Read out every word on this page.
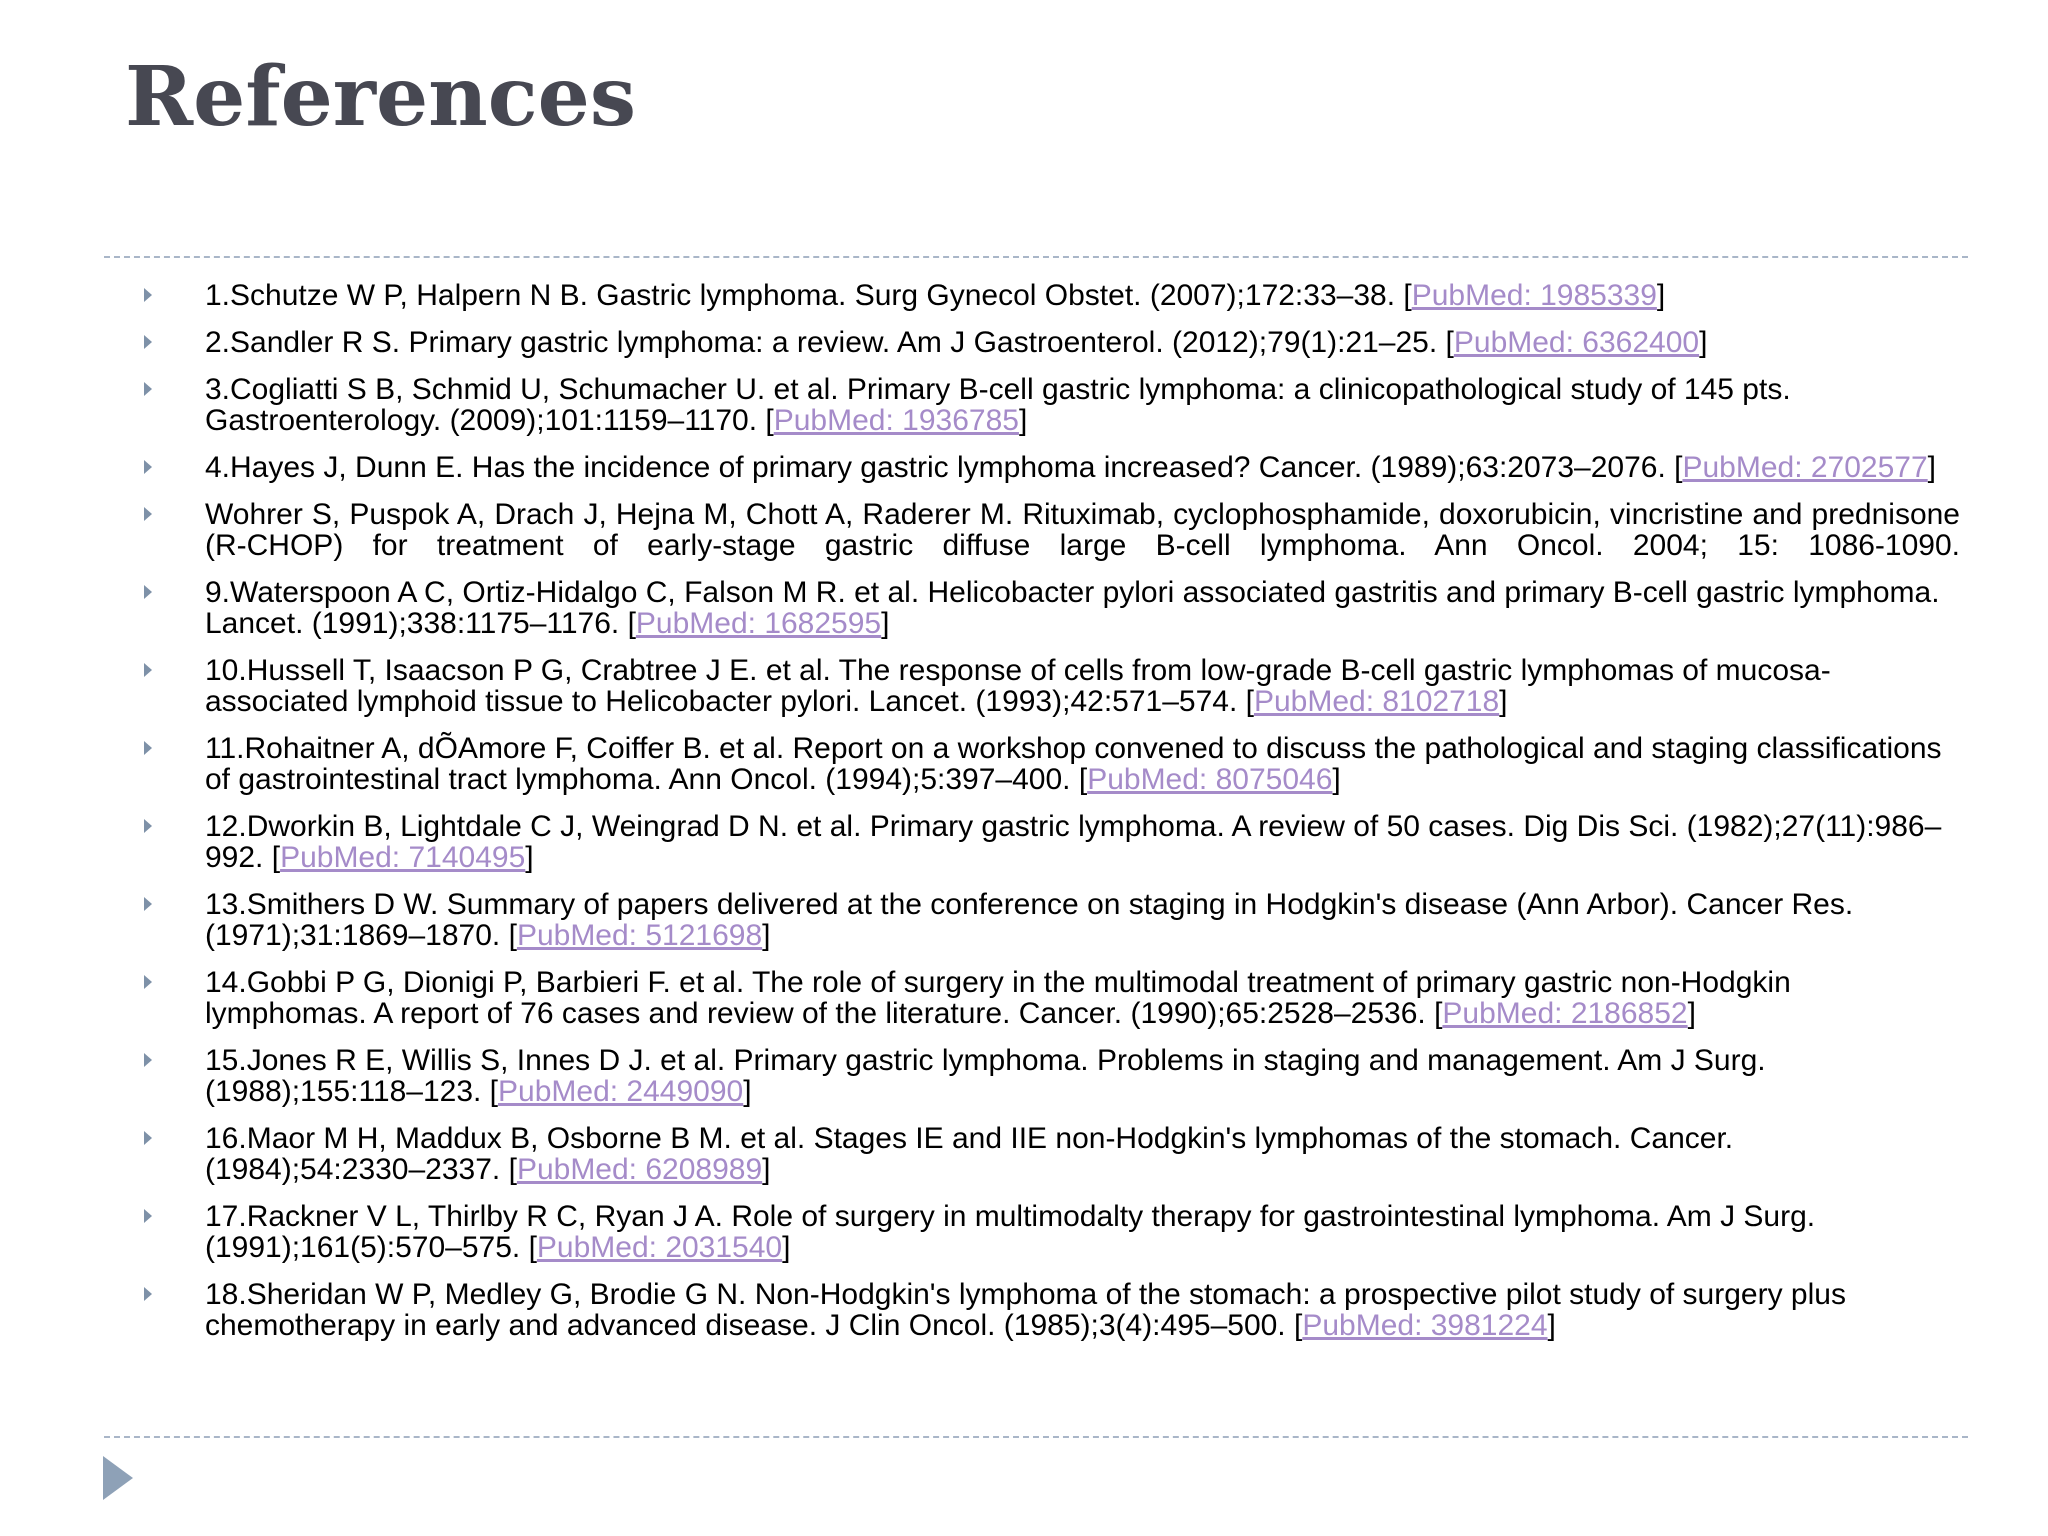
References
1.Schutze W P, Halpern N B. Gastric lymphoma. Surg Gynecol Obstet. (2007);172:33–38. [PubMed: 1985339]
2.Sandler R S. Primary gastric lymphoma: a review. Am J Gastroenterol. (2012);79(1):21–25. [PubMed: 6362400]
3.Cogliatti S B, Schmid U, Schumacher U. et al. Primary B-cell gastric lymphoma: a clinicopathological study of 145 pts. Gastroenterology. (2009);101:1159–1170. [PubMed: 1936785]
4.Hayes J, Dunn E. Has the incidence of primary gastric lymphoma increased? Cancer. (1989);63:2073–2076. [PubMed: 2702577]
Wohrer S, Puspok A, Drach J, Hejna M, Chott A, Raderer M. Rituximab, cyclophosphamide, doxorubicin, vincristine and prednisone (R-CHOP) for treatment of early-stage gastric diffuse large B-cell lymphoma. Ann Oncol. 2004; 15: 1086-1090.
9.Waterspoon A C, Ortiz-Hidalgo C, Falson M R. et al. Helicobacter pylori associated gastritis and primary B-cell gastric lymphoma. Lancet. (1991);338:1175–1176. [PubMed: 1682595]
10.Hussell T, Isaacson P G, Crabtree J E. et al. The response of cells from low-grade B-cell gastric lymphomas of mucosa-associated lymphoid tissue to Helicobacter pylori. Lancet. (1993);42:571–574. [PubMed: 8102718]
11.Rohaitner A, dÕAmore F, Coiffer B. et al. Report on a workshop convened to discuss the pathological and staging classifications of gastrointestinal tract lymphoma. Ann Oncol. (1994);5:397–400. [PubMed: 8075046]
12.Dworkin B, Lightdale C J, Weingrad D N. et al. Primary gastric lymphoma. A review of 50 cases. Dig Dis Sci. (1982);27(11):986–992. [PubMed: 7140495]
13.Smithers D W. Summary of papers delivered at the conference on staging in Hodgkin's disease (Ann Arbor). Cancer Res. (1971);31:1869–1870. [PubMed: 5121698]
14.Gobbi P G, Dionigi P, Barbieri F. et al. The role of surgery in the multimodal treatment of primary gastric non-Hodgkin lymphomas. A report of 76 cases and review of the literature. Cancer. (1990);65:2528–2536. [PubMed: 2186852]
15.Jones R E, Willis S, Innes D J. et al. Primary gastric lymphoma. Problems in staging and management. Am J Surg. (1988);155:118–123. [PubMed: 2449090]
16.Maor M H, Maddux B, Osborne B M. et al. Stages IE and IIE non-Hodgkin's lymphomas of the stomach. Cancer. (1984);54:2330–2337. [PubMed: 6208989]
17.Rackner V L, Thirlby R C, Ryan J A. Role of surgery in multimodalty therapy for gastrointestinal lymphoma. Am J Surg. (1991);161(5):570–575. [PubMed: 2031540]
18.Sheridan W P, Medley G, Brodie G N. Non-Hodgkin's lymphoma of the stomach: a prospective pilot study of surgery plus chemotherapy in early and advanced disease. J Clin Oncol. (1985);3(4):495–500. [PubMed: 3981224]
